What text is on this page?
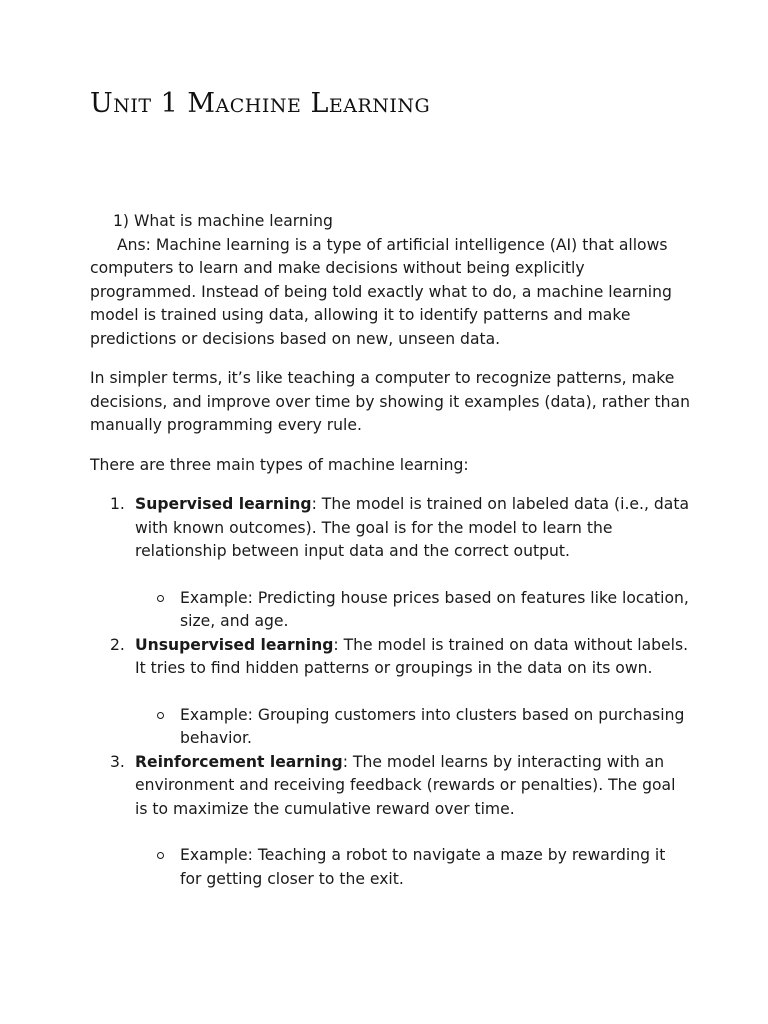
Unit 1 Machine Learning

1) What is machine learning

Ans: Machine learning is a type of artificial intelligence (AI) that allows computers to learn and make decisions without being explicitly programmed. Instead of being told exactly what to do, a machine learning model is trained using data, allowing it to identify patterns and make predictions or decisions based on new, unseen data.

In simpler terms, it’s like teaching a computer to recognize patterns, make decisions, and improve over time by showing it examples (data), rather than manually programming every rule.

There are three main types of machine learning:

1. Supervised learning: The model is trained on labeled data (i.e., data with known outcomes). The goal is for the model to learn the relationship between input data and the correct output.

Example: Predicting house prices based on features like location, size, and age.
2. Unsupervised learning: The model is trained on data without labels. It tries to find hidden patterns or groupings in the data on its own.

Example: Grouping customers into clusters based on purchasing behavior.
3. Reinforcement learning: The model learns by interacting with an environment and receiving feedback (rewards or penalties). The goal is to maximize the cumulative reward over time.

Example: Teaching a robot to navigate a maze by rewarding it for getting closer to the exit.
